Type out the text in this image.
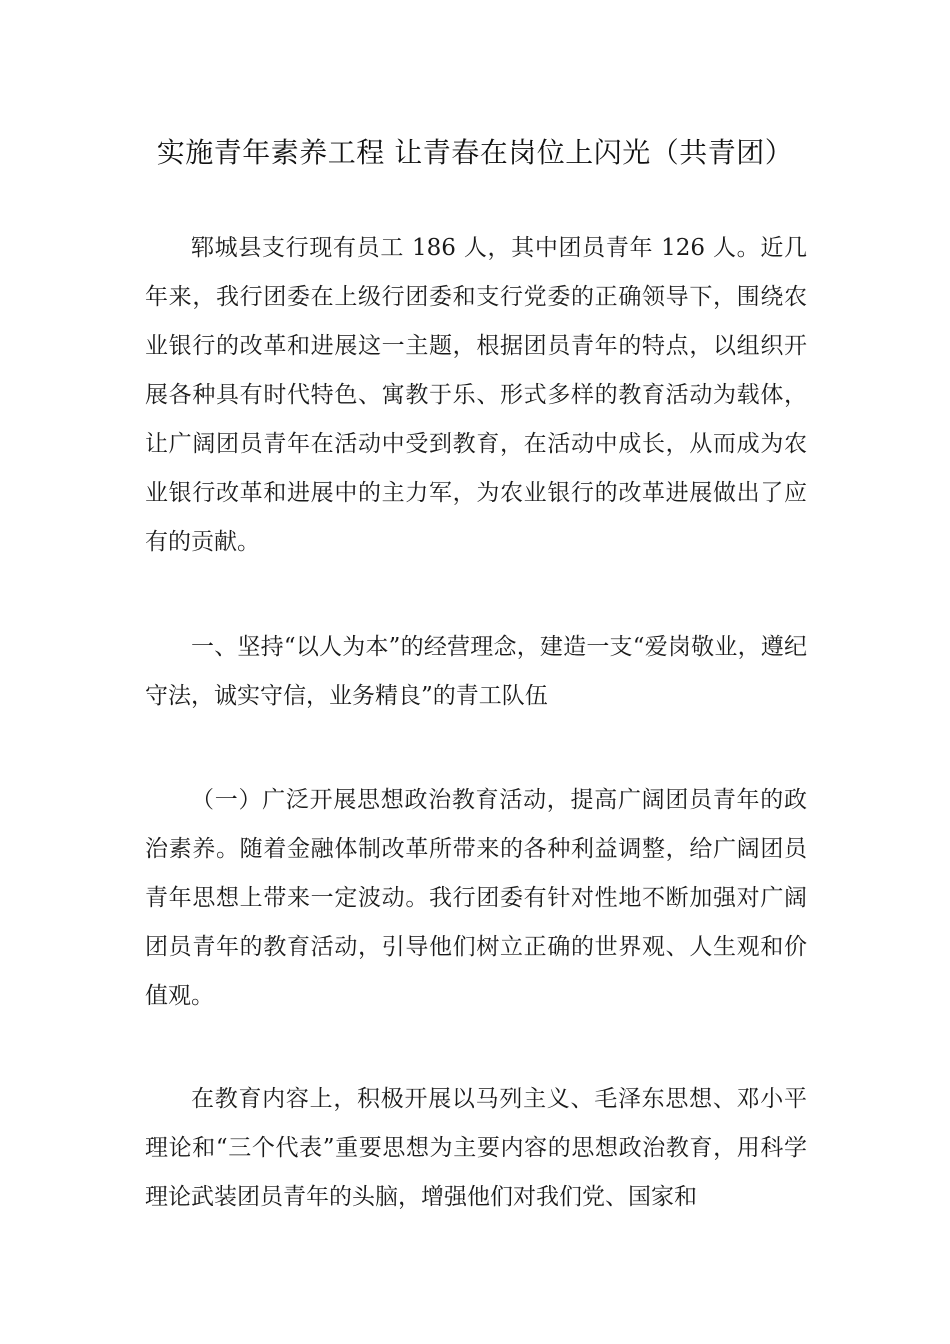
实施青年素养工程 让青春在岗位上闪光（共青团）

郓城县支行现有员工 186 人，其中团员青年 126 人。近几年来，我行团委在上级行团委和支行党委的正确领导下，围绕农业银行的改革和进展这一主题，根据团员青年的特点，以组织开展各种具有时代特色、寓教于乐、形式多样的教育活动为载体，让广阔团员青年在活动中受到教育，在活动中成长，从而成为农业银行改革和进展中的主力军，为农业银行的改革进展做出了应有的贡献。

一、坚持“以人为本”的经营理念，建造一支“爱岗敬业，遵纪守法，诚实守信，业务精良”的青工队伍

（一）广泛开展思想政治教育活动，提高广阔团员青年的政治素养。随着金融体制改革所带来的各种利益调整，给广阔团员青年思想上带来一定波动。我行团委有针对性地不断加强对广阔团员青年的教育活动，引导他们树立正确的世界观、人生观和价值观。

在教育内容上，积极开展以马列主义、毛泽东思想、邓小平理论和“三个代表”重要思想为主要内容的思想政治教育，用科学理论武装团员青年的头脑，增强他们对我们党、国家和
